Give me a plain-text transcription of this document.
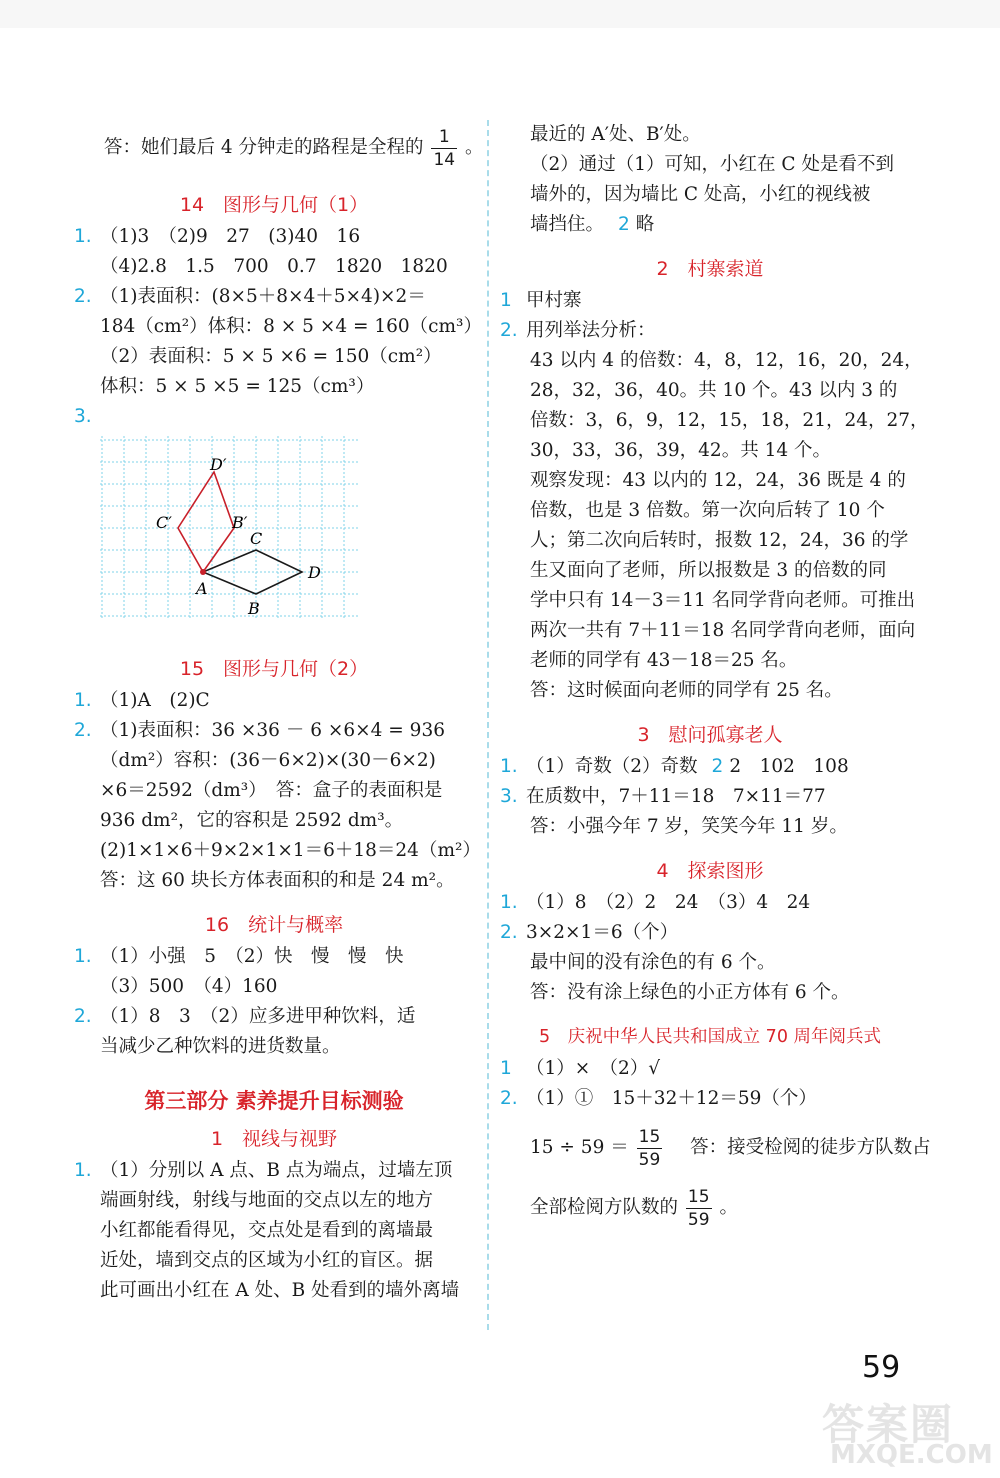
答：她们最后 4 分钟走的路程是全程的 $\frac{1}{14}$ 。
14　图形与几何（1）
1. （1)3　（2)9　27　(3)40　16
（4)2.8　1.5　700　0.7　1820　1820
2. （1)表面积：(8×5＋8×4＋5×4)×2＝
184（cm²）体积：8 × 5 ×4 = 160（cm³）
（2）表面积：5 × 5 ×6 = 150（cm²）
体积：5 × 5 ×5 = 125（cm³）
3.
A
B
C
D
B′
C′
D′
15　图形与几何（2）
1. （1)A　(2)C
2. （1)表面积：36 ×36 － 6 ×6×4 = 936
（dm²）容积：(36－6×2)×(30－6×2)
×6＝2592（dm³）　答：盒子的表面积是
936 dm²，它的容积是 2592 dm³。
(2)1×1×6＋9×2×1×1＝6＋18＝24（m²）
答：这 60 块长方体表面积的和是 24 m²。
16　统计与概率
1. （1）小强　5　（2）快　慢　慢　快
（3）500　（4）160
2. （1）8　3　（2）应多进甲种饮料，适
当减少乙种饮料的进货数量。
第三部分 素养提升目标测验
1　视线与视野
1. （1）分别以 A 点、B 点为端点，过墙左顶
端画射线，射线与地面的交点以左的地方
小红都能看得见，交点处是看到的离墙最
近处，墙到交点的区域为小红的盲区。据
此可画出小红在 A 处、B 处看到的墙外离墙
最近的 A′处、B′处。
（2）通过（1）可知，小红在 C 处是看不到
墙外的，因为墙比 C 处高，小红的视线被
墙挡住。 2 略
2　村寨索道
1 甲村寨
2. 用列举法分析：
43 以内 4 的倍数：4，8，12，16，20，24，
28，32，36，40。共 10 个。43 以内 3 的
倍数：3，6，9，12，15，18，21，24，27，
30，33，36，39，42。共 14 个。
观察发现：43 以内的 12，24，36 既是 4 的
倍数，也是 3 倍数。第一次向后转了 10 个
人；第二次向后转时，报数 12，24，36 的学
生又面向了老师，所以报数是 3 的倍数的同
学中只有 14－3＝11 名同学背向老师。可推出
两次一共有 7＋11＝18 名同学背向老师，面向
老师的同学有 43－18＝25 名。
答：这时候面向老师的同学有 25 名。
3　慰问孤寡老人
1. （1）奇数（2）奇数 2 2　102　108
3. 在质数中，7＋11＝18　7×11＝77
答：小强今年 7 岁，笑笑今年 11 岁。
4　探索图形
1. （1）8　（2）2　24　（3）4　24
2. 3×2×1＝6（个）
最中间的没有涂色的有 6 个。
答：没有涂上绿色的小正方体有 6 个。
5　庆祝中华人民共和国成立 70 周年阅兵式
1 （1）×　（2）√
2. （1）①　15＋32＋12＝59（个）
$15 \div 59 = \frac{15}{59}$ 答：接受检阅的徒步方队数占
全部检阅方队数的 $\frac{15}{59}$ 。
59
答案圈
MXQE.COM
